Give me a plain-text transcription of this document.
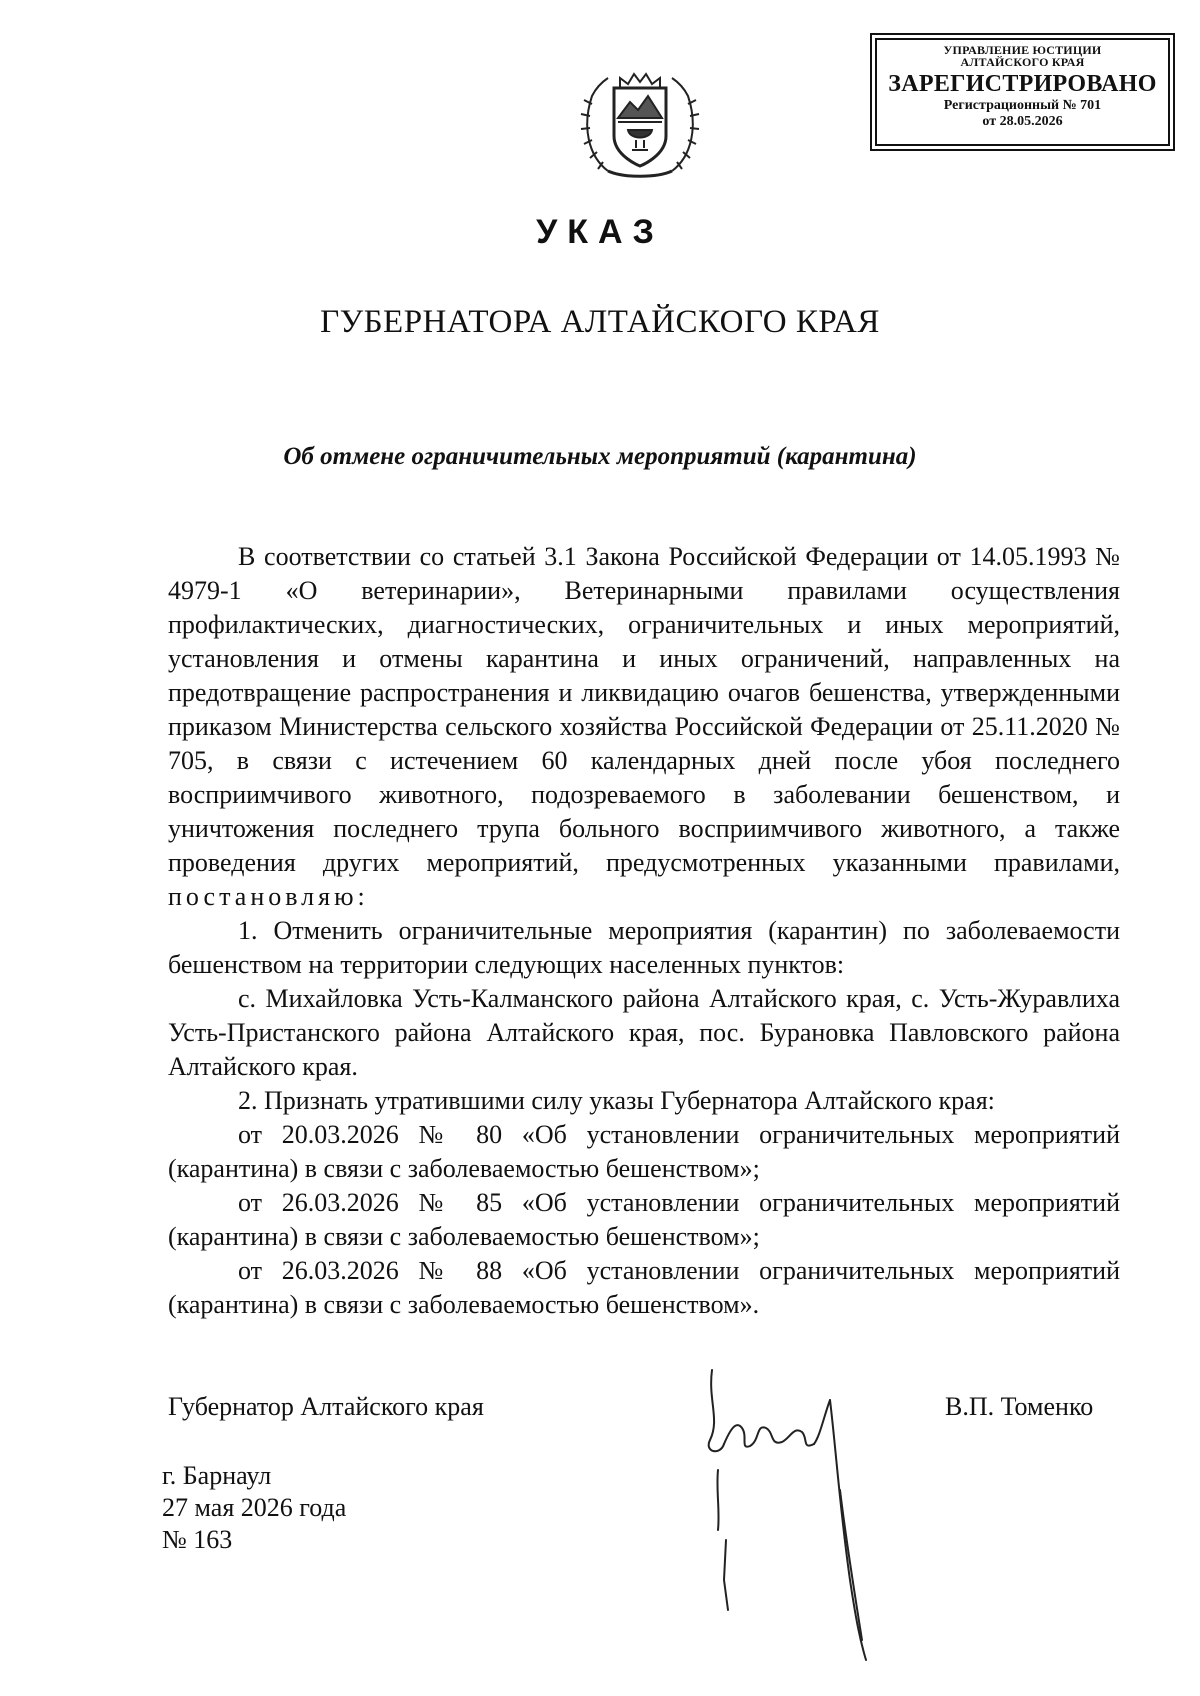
УПРАВЛЕНИЕ ЮСТИЦИИ
АЛТАЙСКОГО КРАЯ
ЗАРЕГИСТРИРОВАНО
Регистрационный № 701
от 28.05.2026
УКАЗ
ГУБЕРНАТОРА АЛТАЙСКОГО КРАЯ
Об отмене ограничительных мероприятий (карантина)

В соответствии со статьей 3.1 Закона Российской Федерации от 14.05.1993 № 4979-1 «О ветеринарии», Ветеринарными правилами осуществления профилактических, диагностических, ограничительных и иных мероприятий, установления и отмены карантина и иных ограничений, направленных на предотвращение распространения и ликвидацию очагов бешенства, утвержденными приказом Министерства сельского хозяйства Российской Федерации от 25.11.2020 № 705, в связи с истечением 60 календарных дней после убоя последнего восприимчивого животного, подозреваемого в заболевании бешенством, и уничтожения последнего трупа больного восприимчивого животного, а также проведения других мероприятий, предусмотренных указанными правилами, постановляю:

1. Отменить ограничительные мероприятия (карантин) по заболеваемости бешенством на территории следующих населенных пунктов:

с. Михайловка Усть-Калманского района Алтайского края, с. Усть-Журавлиха Усть-Пристанского района Алтайского края, пос. Бурановка Павловского района Алтайского края.

2. Признать утратившими силу указы Губернатора Алтайского края:

от 20.03.2026 № 80 «Об установлении ограничительных мероприятий (карантина) в связи с заболеваемостью бешенством»;

от 26.03.2026 № 85 «Об установлении ограничительных мероприятий (карантина) в связи с заболеваемостью бешенством»;

от 26.03.2026 № 88 «Об установлении ограничительных мероприятий (карантина) в связи с заболеваемостью бешенством».

Губернатор Алтайского края	В.П. Томенко
г. Барнаул
27 мая 2026 года
№ 163
